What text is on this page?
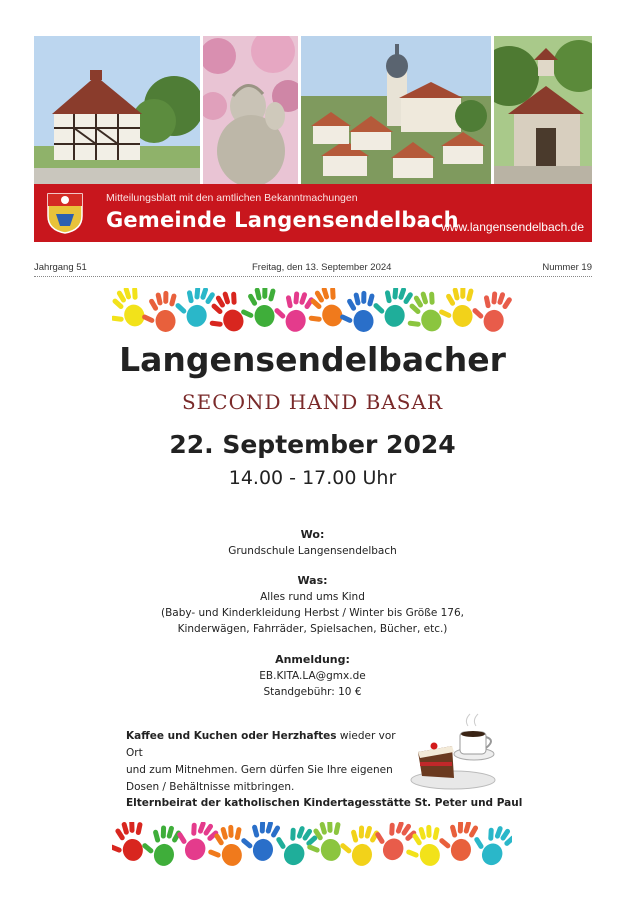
Mitteilungsblatt mit den amtlichen Bekanntmachungen
Gemeinde Langensendelbach
www.langensendelbach.de
Jahrgang 51	Freitag, den 13. September 2024	Nummer 19
Langensendelbacher
SECOND HAND BASAR
22. September 2024
14.00 - 17.00 Uhr
Wo:
Grundschule Langensendelbach
Was:
Alles rund ums Kind
(Baby- und Kinderkleidung Herbst / Winter bis Größe 176,
Kinderwägen, Fahrräder, Spielsachen, Bücher, etc.)
Anmeldung:
EB.KITA.LA@gmx.de
Standgebühr: 10 €
Kaffee und Kuchen oder Herzhaftes wieder vor Ort
und zum Mitnehmen. Gern dürfen Sie Ihre eigenen
Dosen / Behältnisse mitbringen.
Elternbeirat der katholischen Kindertagesstätte St. Peter und Paul
